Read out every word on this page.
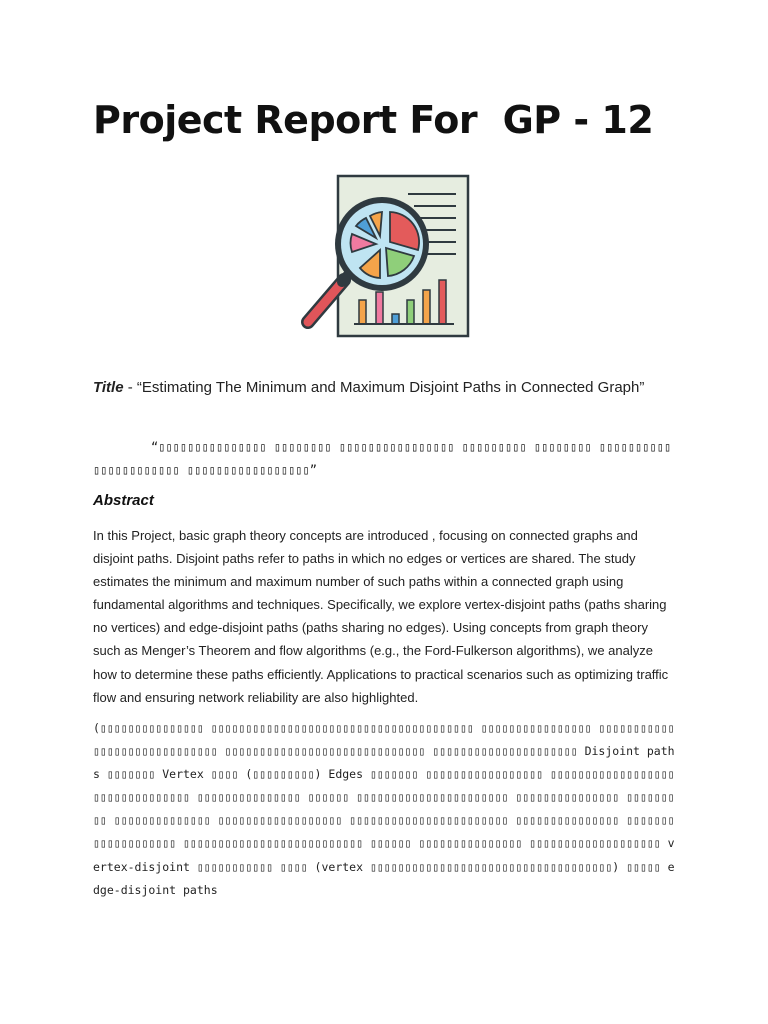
Project Report For  GP - 12
Title - “Estimating The Minimum and Maximum Disjoint Paths in Connected Graph”
“▯▯▯▯▯▯▯▯▯▯▯▯▯▯▯ ▯▯▯▯▯▯▯▯ ▯▯▯▯▯▯▯▯▯▯▯▯▯▯▯▯ ▯▯▯▯▯▯▯▯▯ ▯▯▯▯▯▯▯▯ ▯▯▯▯▯▯▯▯▯▯▯▯▯▯▯▯▯▯▯▯▯▯ ▯▯▯▯▯▯▯▯▯▯▯▯▯▯▯▯▯”
Abstract

In this Project, basic graph theory concepts are introduced , focusing on connected graphs and disjoint paths. Disjoint paths refer to paths in which no edges or vertices are shared. The study estimates the minimum and maximum number of such paths within a connected graph using fundamental algorithms and techniques. Specifically, we explore vertex-disjoint paths (paths sharing no vertices) and edge-disjoint paths (paths sharing no edges). Using concepts from graph theory such as Menger’s Theorem and flow algorithms (e.g., the Ford-Fulkerson algorithms), we analyze how to determine these paths efficiently. Applications to practical scenarios such as optimizing traffic flow and ensuring network reliability are also highlighted.

(▯▯▯▯▯▯▯▯▯▯▯▯▯▯▯ ▯▯▯▯▯▯▯▯▯▯▯▯▯▯▯▯▯▯▯▯▯▯▯▯▯▯▯▯▯▯▯▯▯▯▯▯▯▯ ▯▯▯▯▯▯▯▯▯▯▯▯▯▯▯▯ ▯▯▯▯▯▯▯▯▯▯▯▯▯▯▯▯▯▯▯▯▯▯▯▯▯▯▯▯▯ ▯▯▯▯▯▯▯▯▯▯▯▯▯▯▯▯▯▯▯▯▯▯▯▯▯▯▯▯▯ ▯▯▯▯▯▯▯▯▯▯▯▯▯▯▯▯▯▯▯▯▯ Disjoint paths ▯▯▯▯▯▯▯ Vertex ▯▯▯▯ (▯▯▯▯▯▯▯▯▯) Edges ▯▯▯▯▯▯▯ ▯▯▯▯▯▯▯▯▯▯▯▯▯▯▯▯▯ ▯▯▯▯▯▯▯▯▯▯▯▯▯▯▯▯▯▯ ▯▯▯▯▯▯▯▯▯▯▯▯▯▯ ▯▯▯▯▯▯▯▯▯▯▯▯▯▯▯ ▯▯▯▯▯▯ ▯▯▯▯▯▯▯▯▯▯▯▯▯▯▯▯▯▯▯▯▯▯ ▯▯▯▯▯▯▯▯▯▯▯▯▯▯▯ ▯▯▯▯▯▯▯▯▯ ▯▯▯▯▯▯▯▯▯▯▯▯▯▯ ▯▯▯▯▯▯▯▯▯▯▯▯▯▯▯▯▯▯ ▯▯▯▯▯▯▯▯▯▯▯▯▯▯▯▯▯▯▯▯▯▯▯ ▯▯▯▯▯▯▯▯▯▯▯▯▯▯▯ ▯▯▯▯▯▯▯▯▯▯▯▯▯▯▯▯▯▯▯ ▯▯▯▯▯▯▯▯▯▯▯▯▯▯▯▯▯▯▯▯▯▯▯▯▯▯ ▯▯▯▯▯▯ ▯▯▯▯▯▯▯▯▯▯▯▯▯▯▯ ▯▯▯▯▯▯▯▯▯▯▯▯▯▯▯▯▯▯▯ vertex-disjoint ▯▯▯▯▯▯▯▯▯▯▯ ▯▯▯▯ (vertex ▯▯▯▯▯▯▯▯▯▯▯▯▯▯▯▯▯▯▯▯▯▯▯▯▯▯▯▯▯▯▯▯▯▯▯) ▯▯▯▯▯ edge-disjoint paths
